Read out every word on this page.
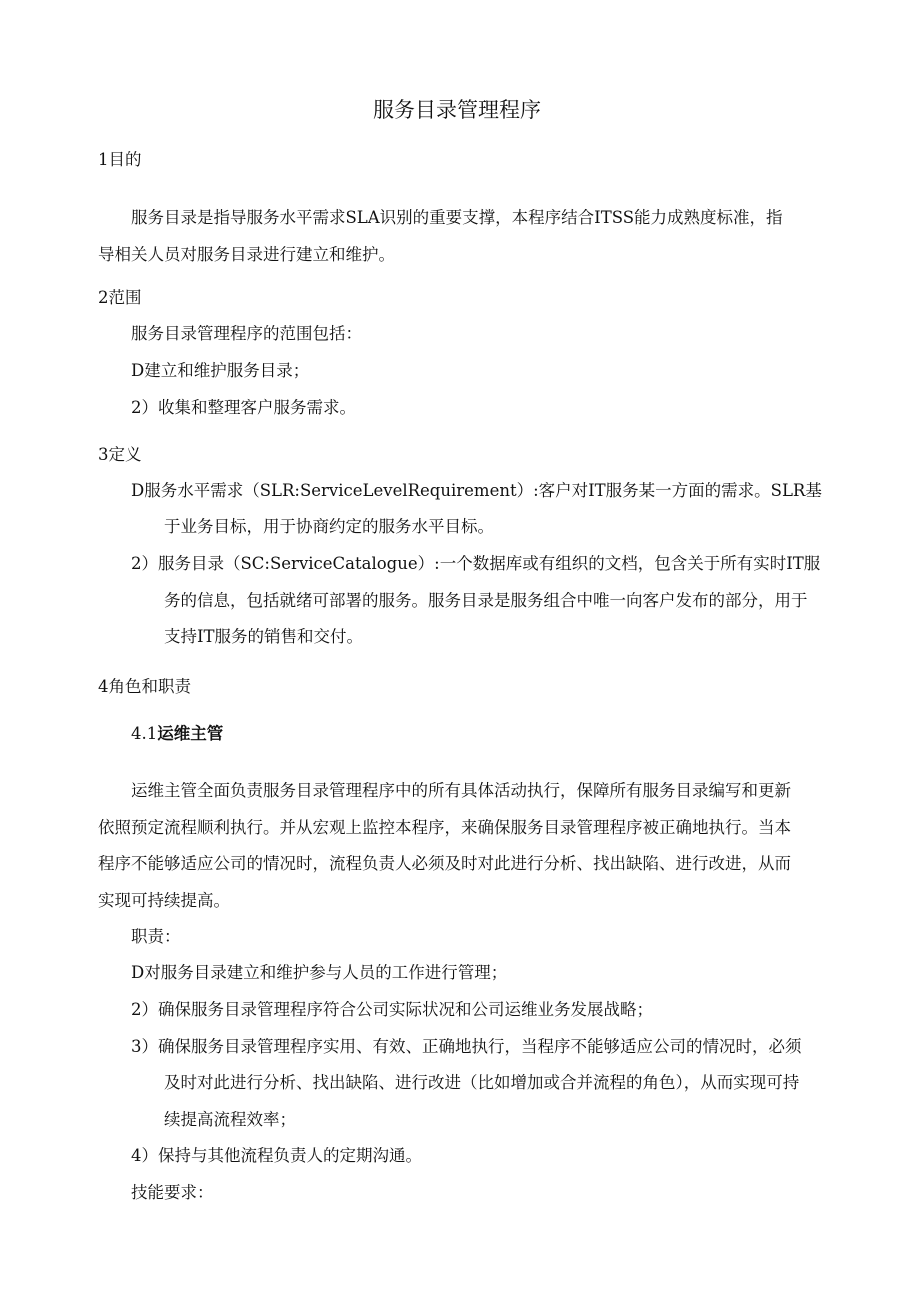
服务目录管理程序
1目的
服务目录是指导服务水平需求SLA识别的重要支撑，本程序结合ITSS能力成熟度标准，指
导相关人员对服务目录进行建立和维护。
2范围
服务目录管理程序的范围包括：
D建立和维护服务目录；
2）收集和整理客户服务需求。
3定义
D服务水平需求（SLR:ServiceLevelRequirement）:客户对IT服务某一方面的需求。SLR基
于业务目标，用于协商约定的服务水平目标。
2）服务目录（SC:ServiceCatalogue）:一个数据库或有组织的文档，包含关于所有实时IT服
务的信息，包括就绪可部署的服务。服务目录是服务组合中唯一向客户发布的部分，用于
支持IT服务的销售和交付。
4角色和职责
4.1运维主管
运维主管全面负责服务目录管理程序中的所有具体活动执行，保障所有服务目录编写和更新
依照预定流程顺利执行。并从宏观上监控本程序，来确保服务目录管理程序被正确地执行。当本
程序不能够适应公司的情况时，流程负责人必须及时对此进行分析、找出缺陷、进行改进，从而
实现可持续提高。
职责：
D对服务目录建立和维护参与人员的工作进行管理；
2）确保服务目录管理程序符合公司实际状况和公司运维业务发展战略；
3）确保服务目录管理程序实用、有效、正确地执行，当程序不能够适应公司的情况时，必须
及时对此进行分析、找出缺陷、进行改进（比如增加或合并流程的角色），从而实现可持
续提高流程效率；
4）保持与其他流程负责人的定期沟通。
技能要求：
